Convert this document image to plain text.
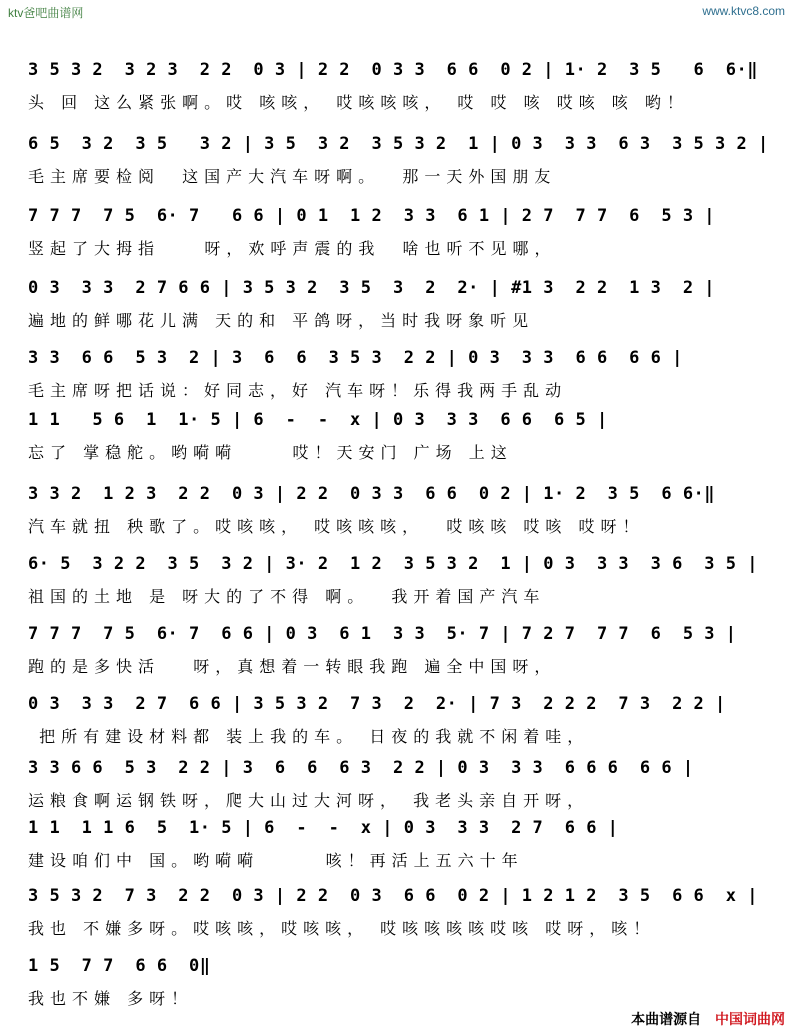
ktv爸吧曲谱网	www.ktvc8.com
3 5 3 2  3 2 3  2 2  0 3 | 2 2  0 3 3  6 6  0 2 | 1· 2  3 5   6  6·‖
头 回 这么紧张啊。哎 咳咳， 哎咳咳咳， 哎 哎 咳 哎咳 咳 哟！
6 5  3 2  3 5   3 2 | 3 5  3 2  3 5 3 2  1 | 0 3  3 3  6 3  3 5 3 2 |
毛主席要检阅  这国产大汽车呀啊。  那一天外国朋友
7 7 7  7 5  6· 7   6 6 | 0 1  1 2  3 3  6 1 | 2 7  7 7  6  5 3 |
竖起了大拇指    呀，欢呼声震的我  啥也听不见哪，
0 3  3 3  2 7 6 6 | 3 5 3 2  3 5  3  2  2· | #1 3  2 2  1 3  2 |
遍地的鲜哪花儿满 天的和 平鸽呀，当时我呀象听见
3 3  6 6  5 3  2 | 3  6  6  3 5 3  2 2 | 0 3  3 3  6 6  6 6 |
毛主席呀把话说：好同志，好 汽车呀！乐得我两手乱动
1 1   5 6  1  1· 5 | 6  -  -  x | 0 3  3 3  6 6  6 5 |
忘了 掌稳舵。哟嗬嗬     哎！天安门 广场 上这
3 3 2  1 2 3  2 2  0 3 | 2 2  0 3 3  6 6  0 2 | 1· 2  3 5  6 6·‖
汽车就扭 秧歌了。哎咳咳， 哎咳咳咳，  哎咳咳 哎咳 哎呀！
6· 5  3 2 2  3 5  3 2 | 3· 2  1 2  3 5 3 2  1 | 0 3  3 3  3 6  3 5 |
祖国的土地 是 呀大的了不得 啊。  我开着国产汽车
7 7 7  7 5  6· 7  6 6 | 0 3  6 1  3 3  5· 7 | 7 2 7  7 7  6  5 3 |
跑的是多快活   呀，真想着一转眼我跑 遍全中国呀，
0 3  3 3  2 7  6 6 | 3 5 3 2  7 3  2  2· | 7 3  2 2 2  7 3  2 2 |
把所有建设材料都 装上我的车。 日夜的我就不闲着哇，
3 3 6 6  5 3  2 2 | 3  6  6  6 3  2 2 | 0 3  3 3  6 6 6  6 6 |
运粮食啊运钢铁呀，爬大山过大河呀， 我老头亲自开呀，
1 1  1 1 6  5  1· 5 | 6  -  -  x | 0 3  3 3  2 7  6 6 |
建设咱们中 国。哟嗬嗬      咳！再活上五六十年
3 5 3 2  7 3  2 2  0 3 | 2 2  0 3  6 6  0 2 | 1 2 1 2  3 5  6 6  x |
我也 不嫌多呀。哎咳咳，哎咳咳， 哎咳咳咳咳哎咳 哎呀，咳！
1 5  7 7  6 6  0‖
我也不嫌 多呀！
本曲谱源自 中国词曲网
